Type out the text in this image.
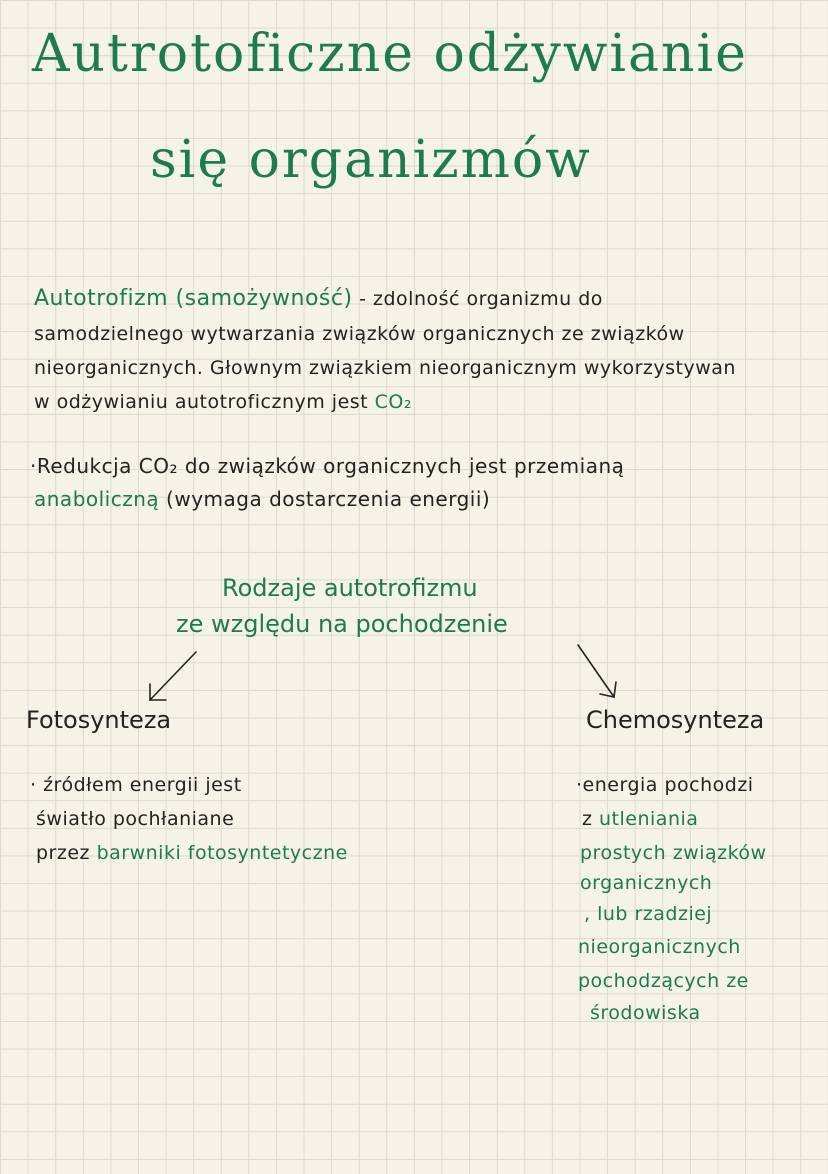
Autrotoficzne odżywianie
się organizmów
Autotrofizm (samożywność) - zdolność organizmu do
samodzielnego wytwarzania związków organicznych ze związków
nieorganicznych. Głownym związkiem nieorganicznym wykorzystywan
w odżywianiu autotroficznym jest CO₂
·Redukcja CO₂ do związków organicznych jest przemianą
anaboliczną (wymaga dostarczenia energii)
Rodzaje autotrofizmu
ze względu na pochodzenie
Fotosynteza
· źródłem energii jest
światło pochłaniane
przez barwniki fotosyntetyczne
Chemosynteza
·energia pochodzi
z utleniania
prostych związków
organicznych
, lub rzadziej
nieorganicznych
pochodzących ze
środowiska
